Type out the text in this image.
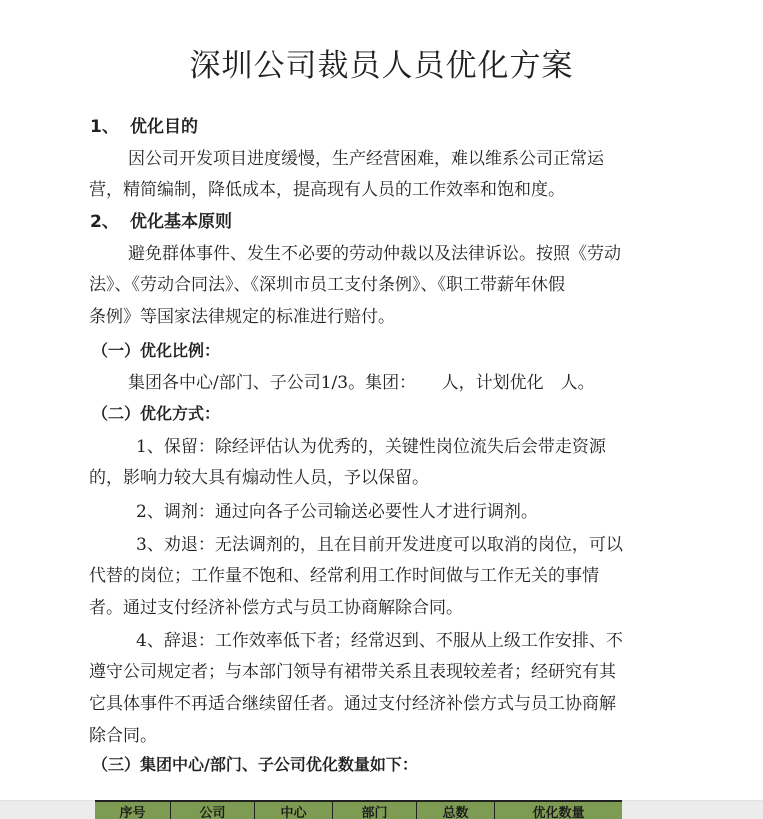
深圳公司裁员人员优化方案
1、 优化目的
因公司开发项目进度缓慢，生产经营困难，难以维系公司正常运
营，精简编制，降低成本，提高现有人员的工作效率和饱和度。
2、 优化基本原则
避免群体事件、发生不必要的劳动仲裁以及法律诉讼。按照《劳动
法》、《劳动合同法》、《深圳市员工支付条例》、《职工带薪年休假
条例》等国家法律规定的标准进行赔付。
（一）优化比例：
集团各中心/部门、子公司1/3。集团：　　人，计划优化　人。
（二）优化方式：
1、保留：除经评估认为优秀的，关键性岗位流失后会带走资源
的，影响力较大具有煽动性人员，予以保留。
2、调剂：通过向各子公司输送必要性人才进行调剂。
3、劝退：无法调剂的，且在目前开发进度可以取消的岗位，可以
代替的岗位；工作量不饱和、经常利用工作时间做与工作无关的事情
者。通过支付经济补偿方式与员工协商解除合同。
4、辞退：工作效率低下者；经常迟到、不服从上级工作安排、不
遵守公司规定者；与本部门领导有裙带关系且表现较差者；经研究有其
它具体事件不再适合继续留任者。通过支付经济补偿方式与员工协商解
除合同。
（三）集团中心/部门、子公司优化数量如下：
序号	公司	中心	部门	总数	优化数量
